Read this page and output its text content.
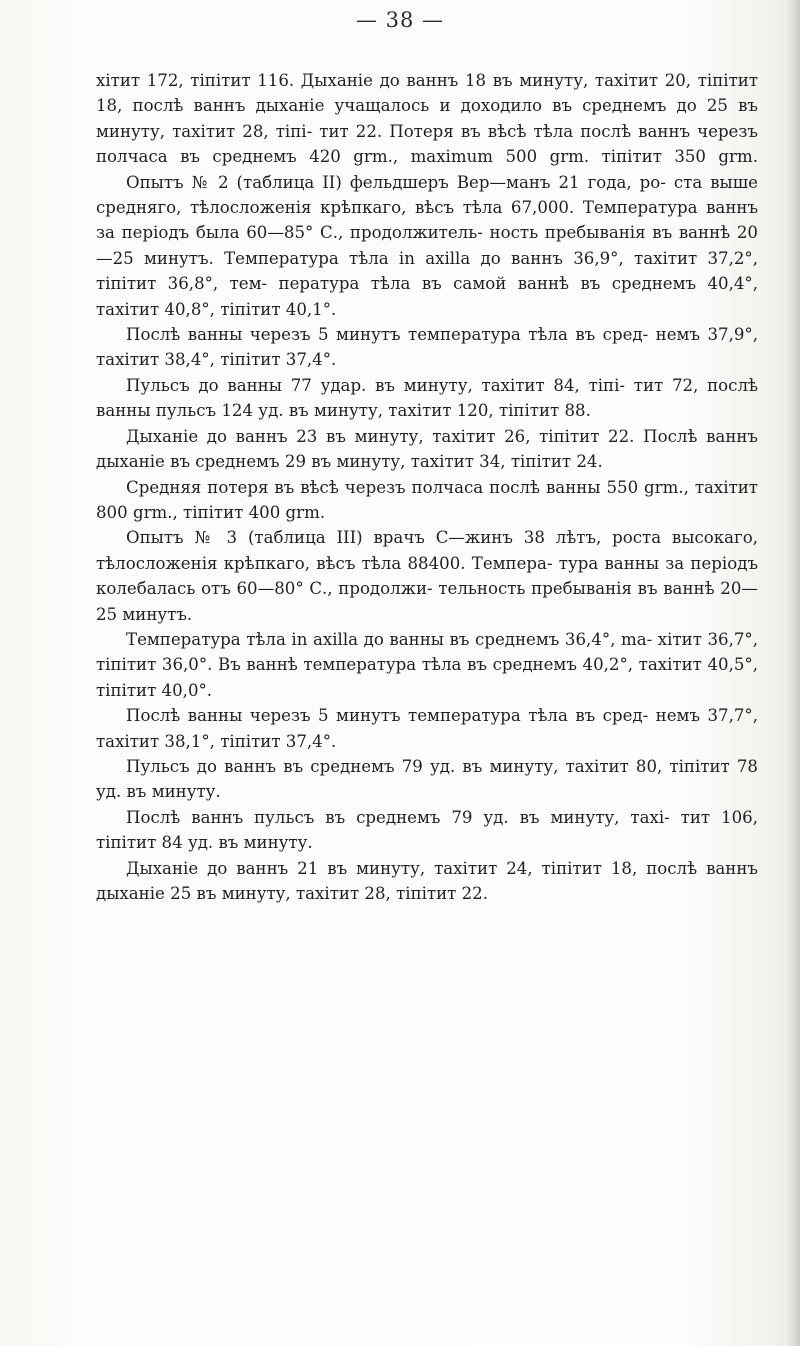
— 38 —

хітит 172, тіпітит 116. Дыханіе до ваннъ 18 въ минуту, тахітит 20, тіпітит 18, послѣ ваннъ дыханіе учащалось и доходило въ среднемъ до 25 въ минуту, тахітит 28, тіпі- тит 22. Потеря въ вѣсѣ тѣла послѣ ваннъ черезъ полчаса въ среднемъ 420 grm., maximum 500 grm. тіпітит 350 grm.

Опытъ № 2 (таблица II) фельдшеръ Вер—манъ 21 года, ро- ста выше средняго, тѣлосложенія крѣпкаго, вѣсъ тѣла 67,000. Температура ваннъ за періодъ была 60—85° С., продолжитель- ность пребыванія въ ваннѣ 20—25 минутъ. Температура тѣла in axilla до ваннъ 36,9°, тахітит 37,2°, тіпітит 36,8°, тем- пература тѣла въ самой ваннѣ въ среднемъ 40,4°, тахітит 40,8°, тіпітит 40,1°.

Послѣ ванны черезъ 5 минутъ температура тѣла въ сред- немъ 37,9°, тахітит 38,4°, тіпітит 37,4°.

Пульсъ до ванны 77 удар. въ минуту, тахітит 84, тіпі- тит 72, послѣ ванны пульсъ 124 уд. въ минуту, тахітит 120, тіпітит 88.

Дыханіе до ваннъ 23 въ минуту, тахітит 26, тіпітит 22. Послѣ ваннъ дыханіе въ среднемъ 29 въ минуту, тахітит 34, тіпітит 24.

Средняя потеря въ вѣсѣ черезъ полчаса послѣ ванны 550 grm., тахітит 800 grm., тіпітит 400 grm.

Опытъ № 3 (таблица III) врачъ С—жинъ 38 лѣтъ, роста высокаго, тѣлосложенія крѣпкаго, вѣсъ тѣла 88400. Темпера- тура ванны за періодъ колебалась отъ 60—80° С., продолжи- тельность пребыванія въ ваннѣ 20—25 минутъ.

Температура тѣла in axilla до ванны въ среднемъ 36,4°, ma- хітит 36,7°, тіпітит 36,0°. Въ ваннѣ температура тѣла въ среднемъ 40,2°, тахітит 40,5°, тіпітит 40,0°.

Послѣ ванны черезъ 5 минутъ температура тѣла въ сред- немъ 37,7°, тахітит 38,1°, тіпітит 37,4°.

Пульсъ до ваннъ въ среднемъ 79 уд. въ минуту, тахітит 80, тіпітит 78 уд. въ минуту.

Послѣ ваннъ пульсъ въ среднемъ 79 уд. въ минуту, тахі- тит 106, тіпітит 84 уд. въ минуту.

Дыханіе до ваннъ 21 въ минуту, тахітит 24, тіпітит 18, послѣ ваннъ дыханіе 25 въ минуту, тахітит 28, тіпітит 22.
